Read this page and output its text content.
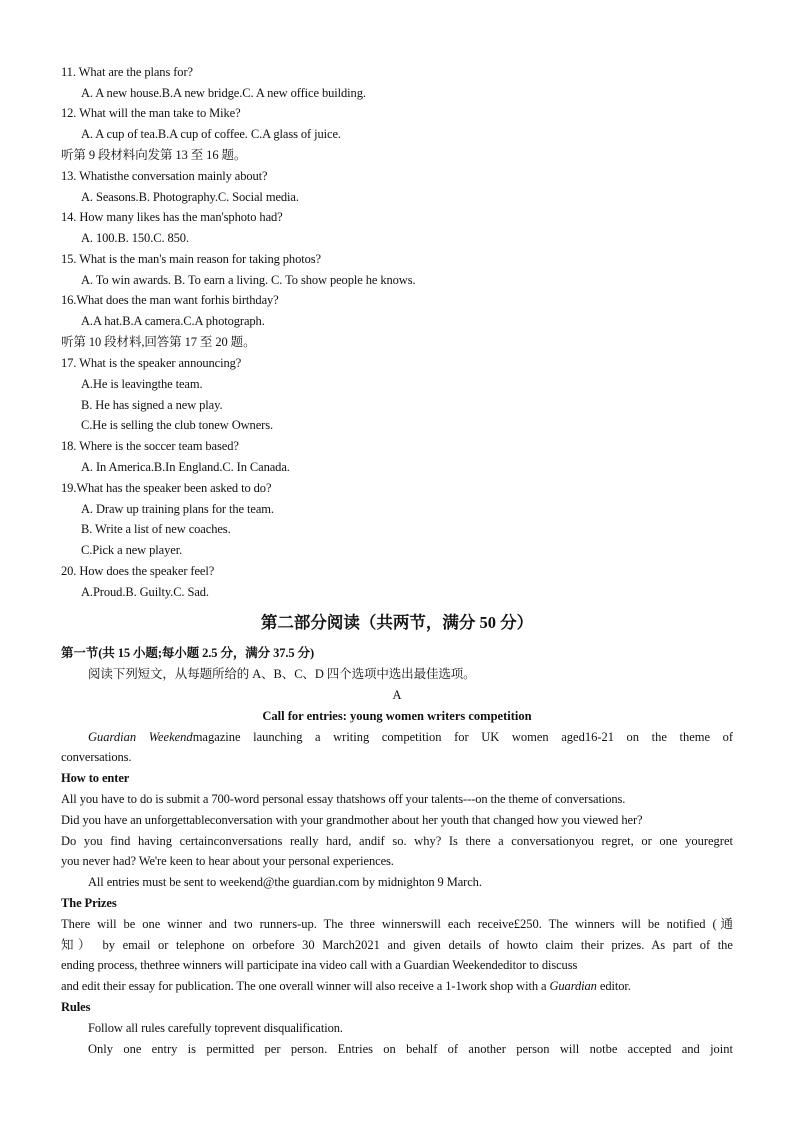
11. What are the plans for?
A. A new house.B.A new bridge.C. A new office building.
12. What will the man take to Mike?
A. A cup of tea.B.A cup of coffee. C.A glass of juice.
听第 9 段材料向发第 13 至 16 题。
13. Whatisthe conversation mainly about?
A. Seasons.B. Photography.C. Social media.
14. How many likes has the man'sphoto had?
A. 100.B. 150.C. 850.
15. What is the man's main reason for taking photos?
A. To win awards. B. To earn a living. C. To show people he knows.
16.What does the man want forhis birthday?
A.A hat.B.A camera.C.A photograph.
听第 10 段材料,回答第 17 至 20 题。
17. What is the speaker announcing?
A.He is leavingthe team.
B. He has signed a new play.
C.He is selling the club tonew Owners.
18. Where is the soccer team based?
A. In America.B.In England.C. In Canada.
19.What has the speaker been asked to do?
A. Draw up training plans for the team.
B. Write a list of new coaches.
C.Pick a new player.
20. How does the speaker feel?
A.Proud.B. Guilty.C. Sad.
第二部分阅读（共两节，满分 50 分）
第一节(共 15 小题;每小题 2.5 分，满分 37.5 分)
阅读下列短文，从每题所给的 A、B、C、D 四个选项中选出最佳选项。
A
Call for entries: young women writers competition
Guardian Weekendmagazine launching a writing competition for UK women aged16-21 on the theme of
conversations.
How to enter
All you have to do is submit a 700-word personal essay thatshows off your talents---on the theme of conversations.
Did you have an unforgettableconversation with your grandmother about her youth that changed how you viewed her?
Do you find having certainconversations really hard, andif so. why? Is there a conversationyou regret, or one youregret
you never had? We're keen to hear about your personal experiences.
All entries must be sent to weekend@the guardian.com by midnighton 9 March.
The Prizes
There will be one winner and two runners-up. The three winnerswill each receive£250. The winners will be notified (通
知） by email or telephone on orbefore 30 March2021 and given details of howto claim their prizes. As part of the
ending process, thethree winners will participate ina video call with a Guardian Weekendeditor to discuss
and edit their essay for publication. The one overall winner will also receive a 1-1work shop with a Guardian editor.
Rules
Follow all rules carefully toprevent disqualification.
Only one entry is permitted per person. Entries on behalf of another person will notbe accepted and joint
